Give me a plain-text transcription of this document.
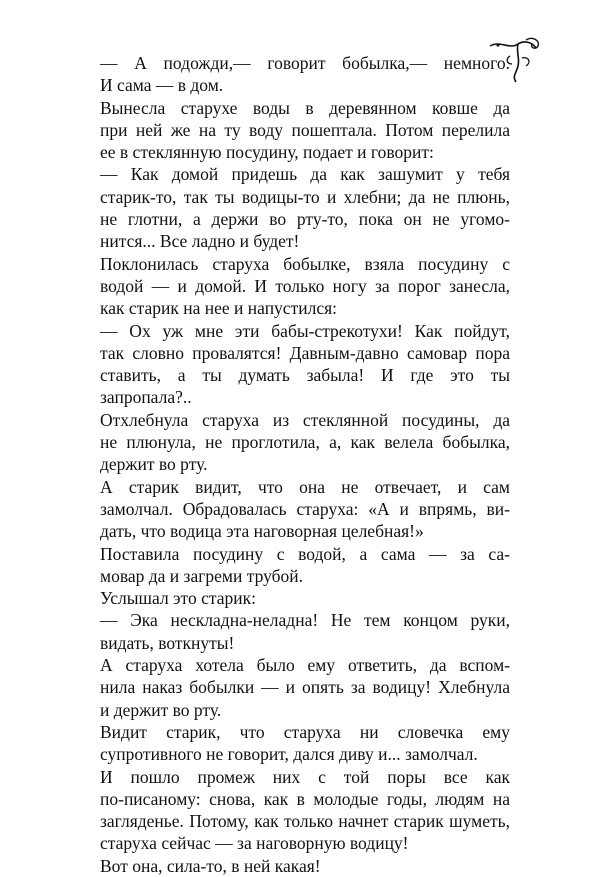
— А подожди,— говорит бобылка,— немного.
И сама — в дом.
Вынесла старухе воды в деревянном ковше да
при ней же на ту воду пошептала. Потом перелила
ее в стеклянную посудину, подает и говорит:
— Как домой придешь да как зашумит у тебя
старик-то, так ты водицы-то и хлебни; да не плюнь,
не глотни, а держи во рту-то, пока он не угомо-
нится... Все ладно и будет!
Поклонилась старуха бобылке, взяла посудину с
водой — и домой. И только ногу за порог занесла,
как старик на нее и напустился:
— Ох уж мне эти бабы-стрекотухи! Как пойдут,
так словно провалятся! Давным-давно самовар пора
ставить, а ты думать забыла! И где это ты
запропала?..
Отхлебнула старуха из стеклянной посудины, да
не плюнула, не проглотила, а, как велела бобылка,
держит во рту.
А старик видит, что она не отвечает, и сам
замолчал. Обрадовалась старуха: «А и впрямь, ви-
дать, что водица эта наговорная целебная!»
Поставила посудину с водой, а сама — за са-
мовар да и загреми трубой.
Услышал это старик:
— Эка нескладна-неладна! Не тем концом руки,
видать, воткнуты!
А старуха хотела было ему ответить, да вспом-
нила наказ бобылки — и опять за водицу! Хлебнула
и держит во рту.
Видит старик, что старуха ни словечка ему
супротивного не говорит, дался диву и... замолчал.
И пошло промеж них с той поры все как
по-писаному: снова, как в молодые годы, людям на
загляденье. Потому, как только начнет старик шуметь,
старуха сейчас — за наговорную водицу!
Вот она, сила-то, в ней какая!
